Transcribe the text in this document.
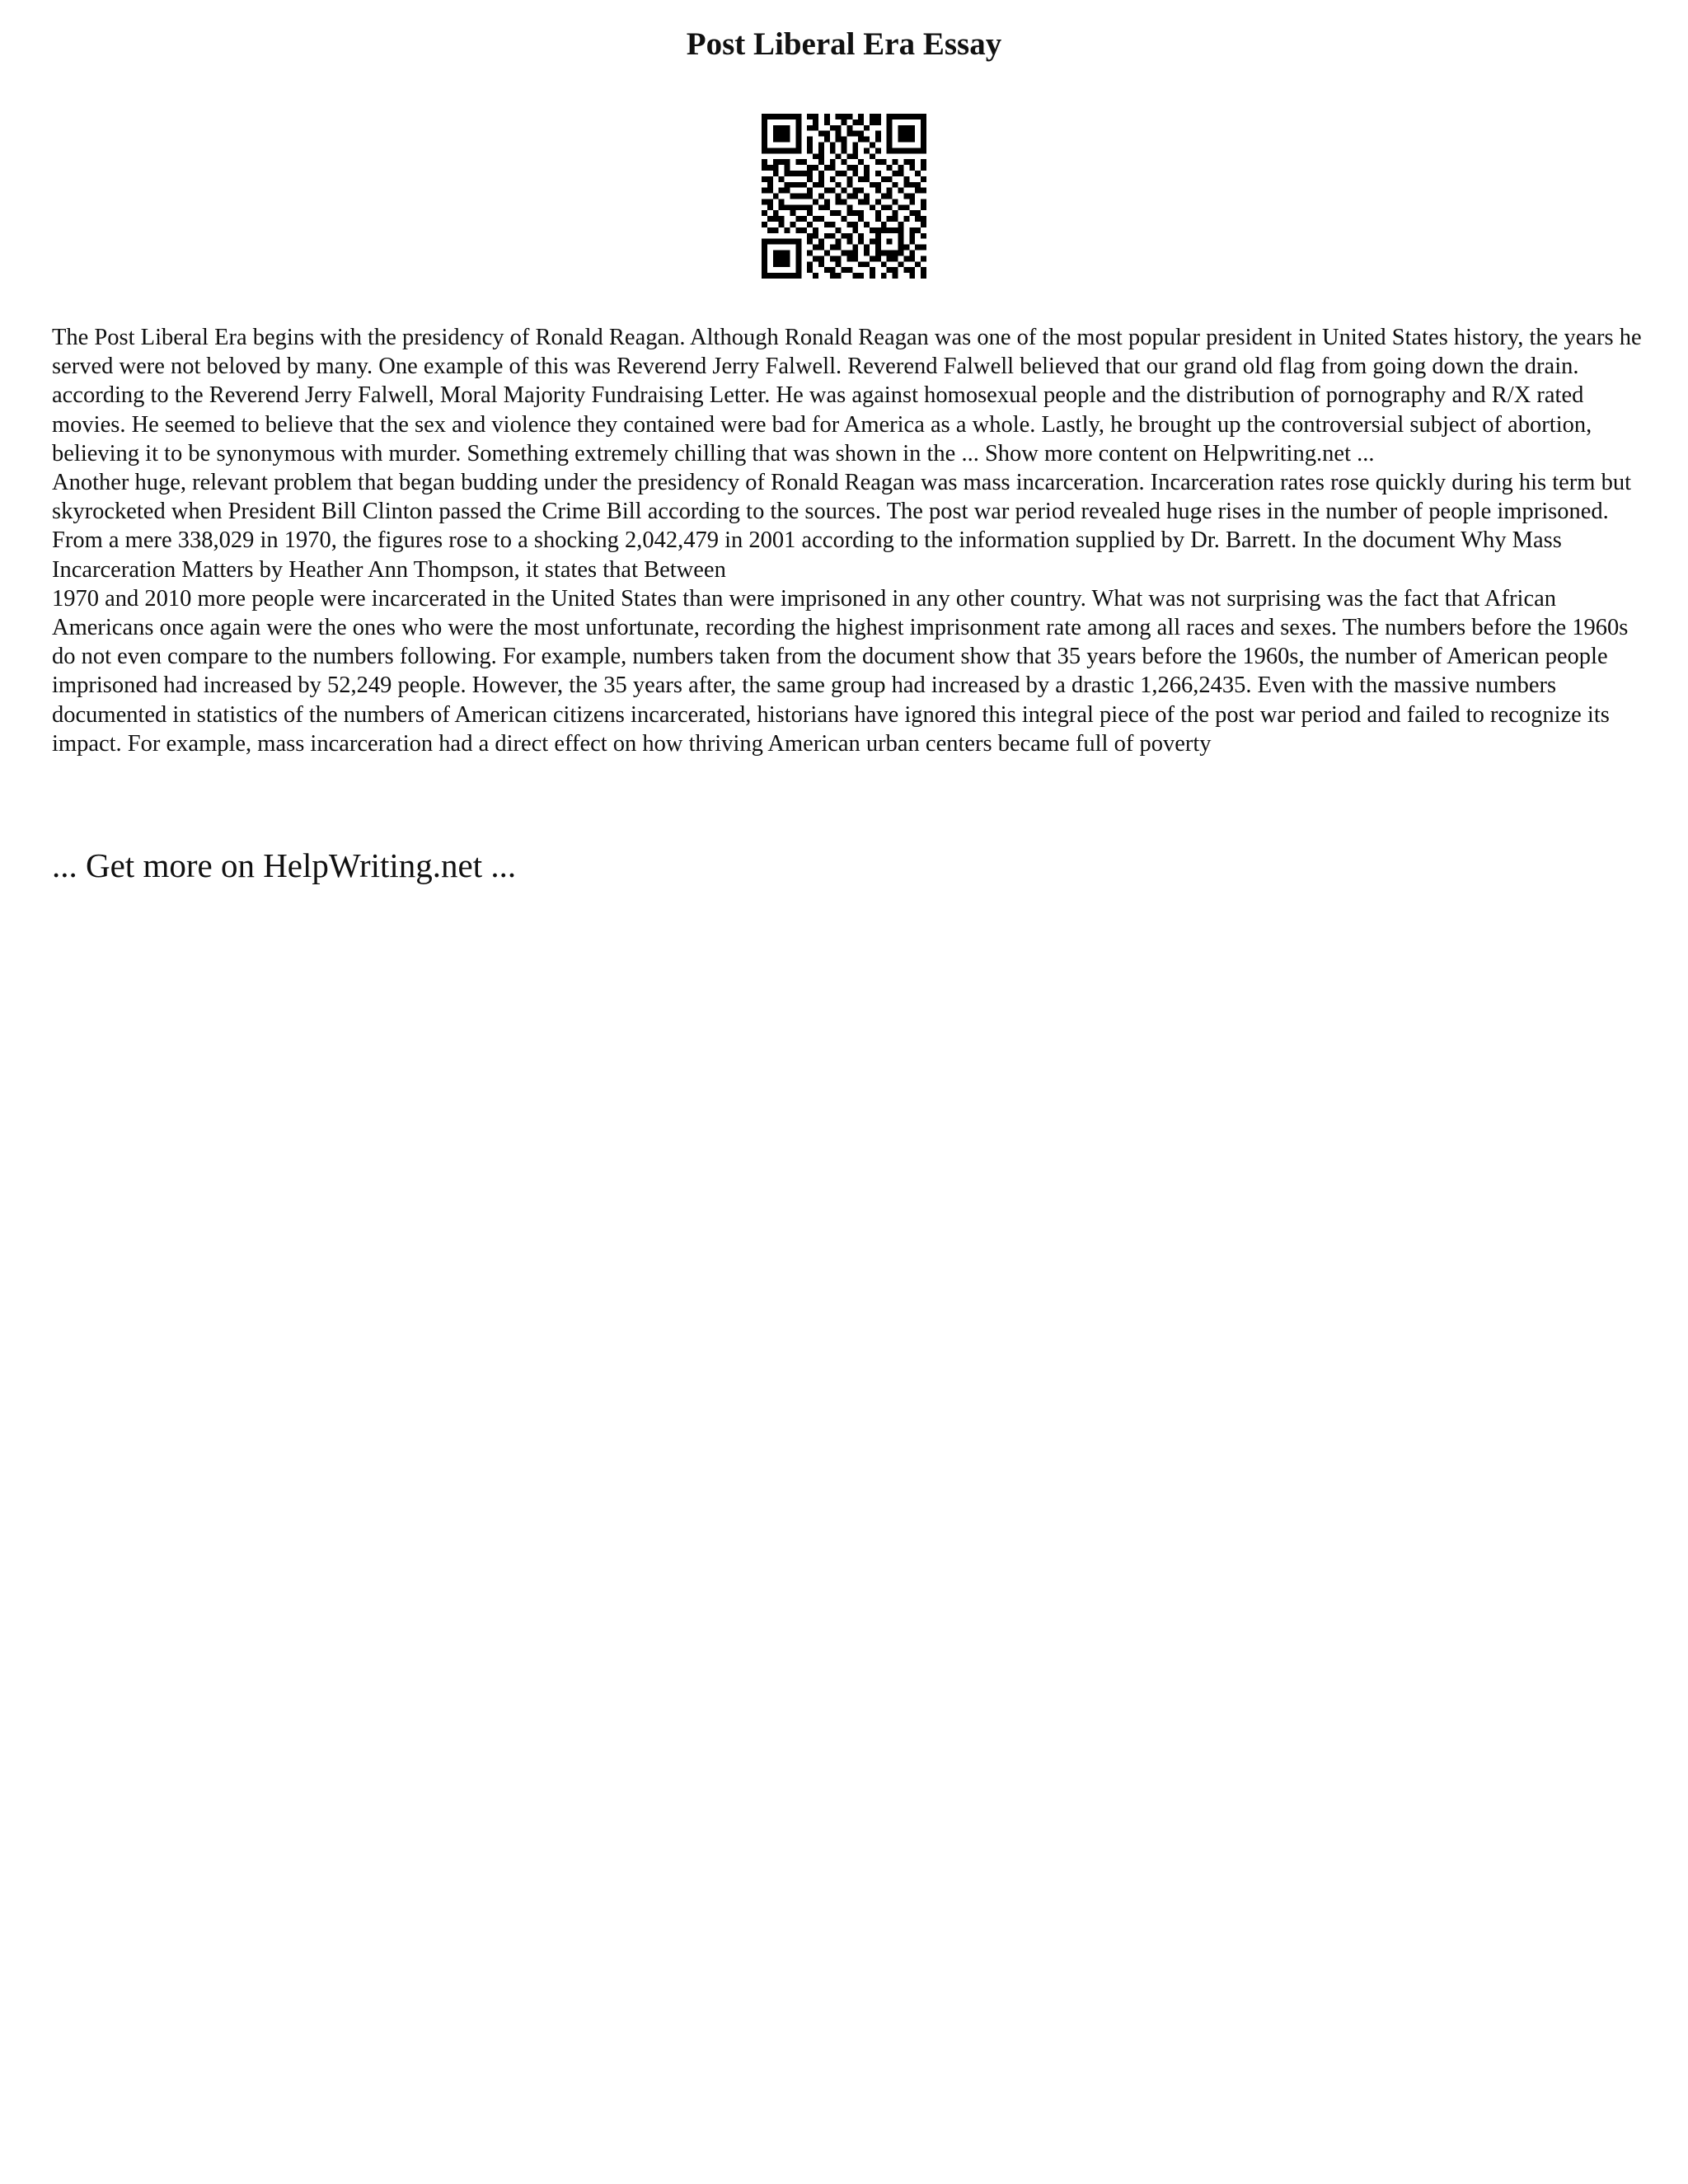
Post Liberal Era Essay

The Post Liberal Era begins with the presidency of Ronald Reagan. Although Ronald Reagan was one of the most popular president in United States history, the years he served were not beloved by many. One example of this was Reverend Jerry Falwell. Reverend Falwell believed that our grand old flag from going down the drain. according to the Reverend Jerry Falwell, Moral Majority Fundraising Letter. He was against homosexual people and the distribution of pornography and R/X rated movies. He seemed to believe that the sex and violence they contained were bad for America as a whole. Lastly, he brought up the controversial subject of abortion, believing it to be synonymous with murder. Something extremely chilling that was shown in the ... Show more content on Helpwriting.net ...

Another huge, relevant problem that began budding under the presidency of Ronald Reagan was mass incarceration. Incarceration rates rose quickly during his term but skyrocketed when President Bill Clinton passed the Crime Bill according to the sources. The post war period revealed huge rises in the number of people imprisoned. From a mere 338,029 in 1970, the figures rose to a shocking 2,042,479 in 2001 according to the information supplied by Dr. Barrett. In the document Why Mass Incarceration Matters by Heather Ann Thompson, it states that Between

1970 and 2010 more people were incarcerated in the United States than were imprisoned in any other country. What was not surprising was the fact that African Americans once again were the ones who were the most unfortunate, recording the highest imprisonment rate among all races and sexes. The numbers before the 1960s do not even compare to the numbers following. For example, numbers taken from the document show that 35 years before the 1960s, the number of American people imprisoned had increased by 52,249 people. However, the 35 years after, the same group had increased by a drastic 1,266,2435. Even with the massive numbers documented in statistics of the numbers of American citizens incarcerated, historians have ignored this integral piece of the post war period and failed to recognize its impact. For example, mass incarceration had a direct effect on how thriving American urban centers became full of poverty

... Get more on HelpWriting.net ...
